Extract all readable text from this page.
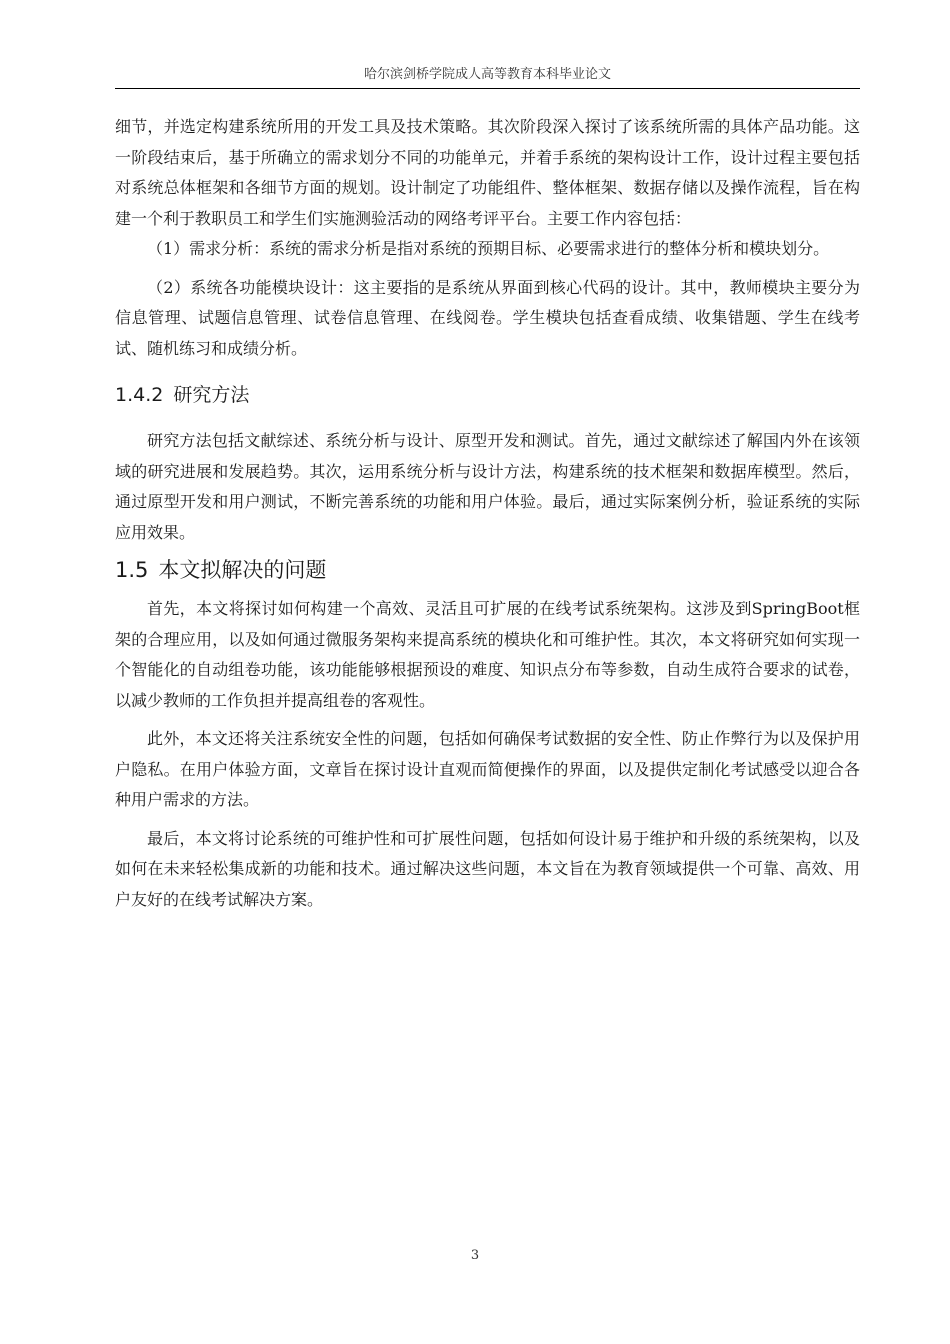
哈尔滨剑桥学院成人高等教育本科毕业论文

细节，并选定构建系统所用的开发工具及技术策略。其次阶段深入探讨了该系统所需的具体产品功能。这一阶段结束后，基于所确立的需求划分不同的功能单元，并着手系统的架构设计工作，设计过程主要包括对系统总体框架和各细节方面的规划。设计制定了功能组件、整体框架、数据存储以及操作流程，旨在构建一个利于教职员工和学生们实施测验活动的网络考评平台。主要工作内容包括：

（1）需求分析：系统的需求分析是指对系统的预期目标、必要需求进行的整体分析和模块划分。

（2）系统各功能模块设计：这主要指的是系统从界面到核心代码的设计。其中，教师模块主要分为信息管理、试题信息管理、试卷信息管理、在线阅卷。学生模块包括查看成绩、收集错题、学生在线考试、随机练习和成绩分析。

1.4.2 研究方法

研究方法包括文献综述、系统分析与设计、原型开发和测试。首先，通过文献综述了解国内外在该领域的研究进展和发展趋势。其次，运用系统分析与设计方法，构建系统的技术框架和数据库模型。然后，通过原型开发和用户测试，不断完善系统的功能和用户体验。最后，通过实际案例分析，验证系统的实际应用效果。

1.5 本文拟解决的问题

首先，本文将探讨如何构建一个高效、灵活且可扩展的在线考试系统架构。这涉及到SpringBoot框架的合理应用，以及如何通过微服务架构来提高系统的模块化和可维护性。其次，本文将研究如何实现一个智能化的自动组卷功能，该功能能够根据预设的难度、知识点分布等参数，自动生成符合要求的试卷，以减少教师的工作负担并提高组卷的客观性。

此外，本文还将关注系统安全性的问题，包括如何确保考试数据的安全性、防止作弊行为以及保护用户隐私。在用户体验方面，文章旨在探讨设计直观而简便操作的界面，以及提供定制化考试感受以迎合各种用户需求的方法。

最后，本文将讨论系统的可维护性和可扩展性问题，包括如何设计易于维护和升级的系统架构，以及如何在未来轻松集成新的功能和技术。通过解决这些问题，本文旨在为教育领域提供一个可靠、高效、用户友好的在线考试解决方案。

3
